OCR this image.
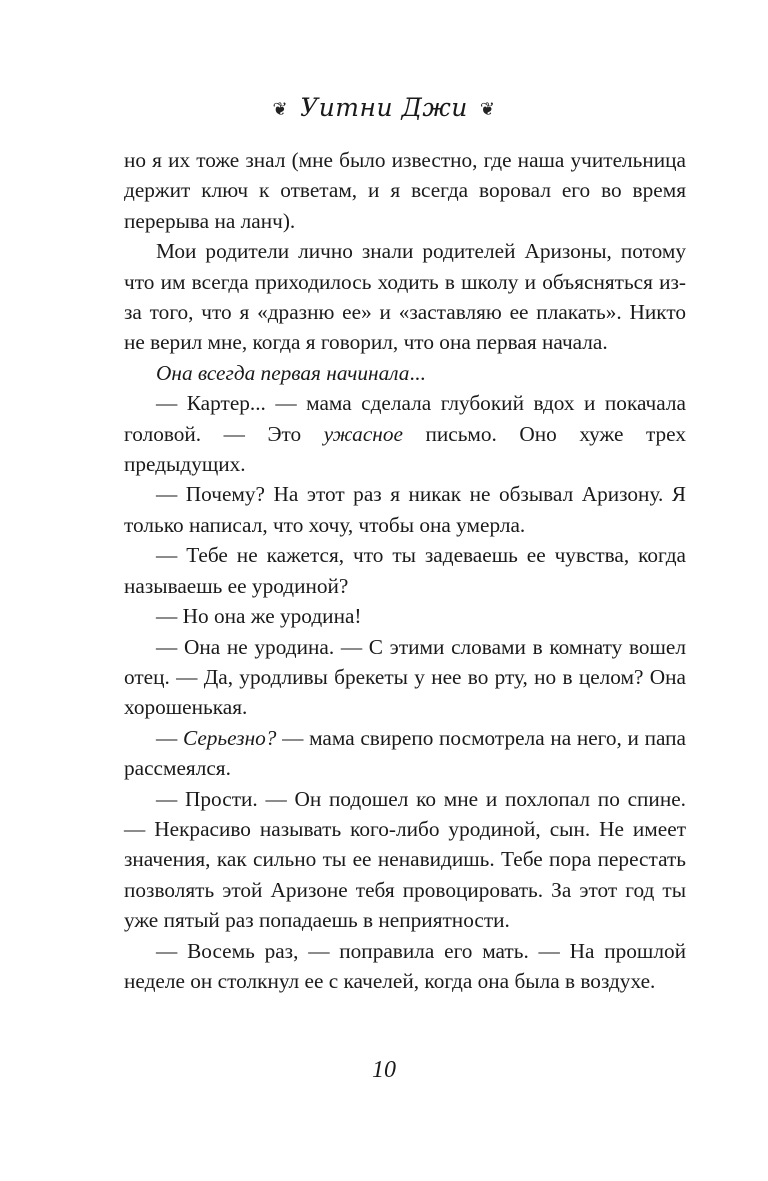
❦ Уитни Джи ❦

но я их тоже знал (мне было известно, где наша учительница держит ключ к ответам, и я всегда воровал его во время перерыва на ланч).

Мои родители лично знали родителей Аризоны, потому что им всегда приходилось ходить в школу и объясняться из-за того, что я «дразню ее» и «заставляю ее плакать». Никто не верил мне, когда я говорил, что она первая начала.

Она всегда первая начинала...

— Картер... — мама сделала глубокий вдох и покачала головой. — Это ужасное письмо. Оно хуже трех предыдущих.

— Почему? На этот раз я никак не обзывал Аризону. Я только написал, что хочу, чтобы она умерла.

— Тебе не кажется, что ты задеваешь ее чувства, когда называешь ее уродиной?

— Но она же уродина!

— Она не уродина. — С этими словами в комнату вошел отец. — Да, уродливы брекеты у нее во рту, но в целом? Она хорошенькая.

— Серьезно? — мама свирепо посмотрела на него, и папа рассмеялся.

— Прости. — Он подошел ко мне и похлопал по спине. — Некрасиво называть кого-либо уродиной, сын. Не имеет значения, как сильно ты ее ненавидишь. Тебе пора перестать позволять этой Аризоне тебя провоцировать. За этот год ты уже пятый раз попадаешь в неприятности.

— Восемь раз, — поправила его мать. — На прошлой неделе он столкнул ее с качелей, когда она была в воздухе.

10
